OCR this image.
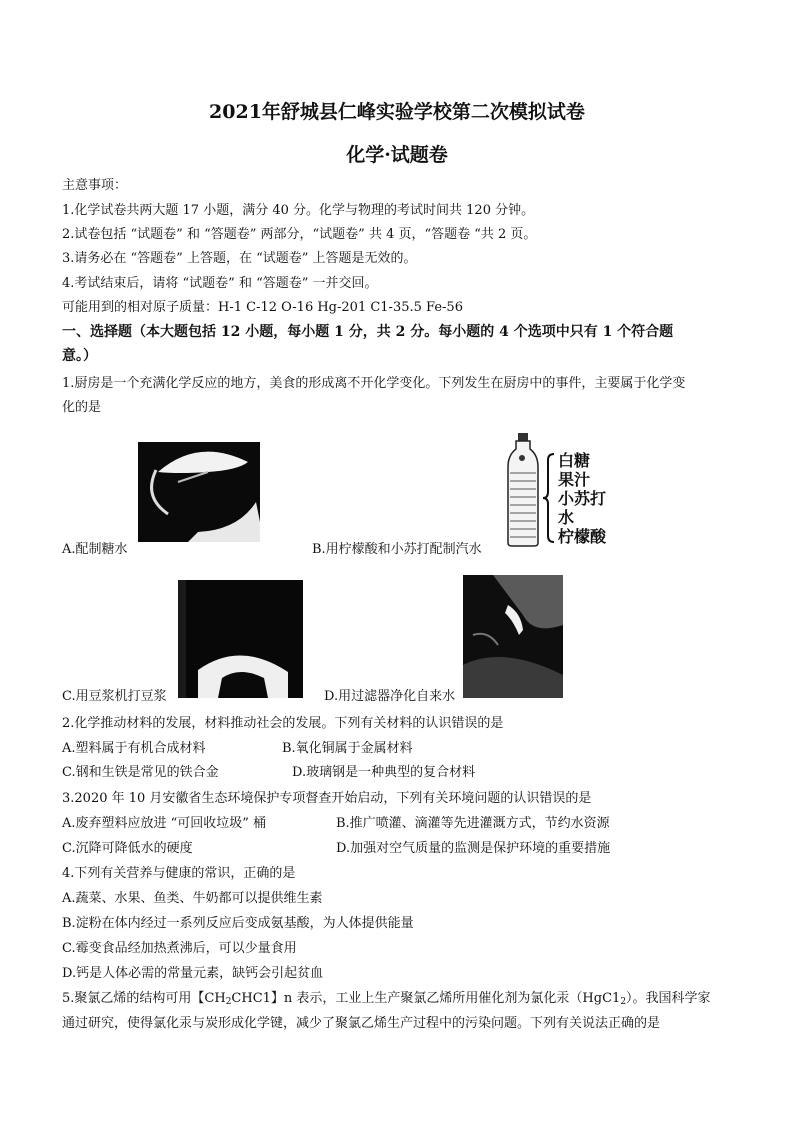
2021年舒城县仁峰实验学校第二次模拟试卷
化学·试题卷
主意事项：
1.化学试卷共两大题 17 小题，满分 40 分。化学与物理的考试时间共 120 分钟。
2.试卷包括 “试题卷” 和 “答题卷” 两部分，“试题卷” 共 4 页，“答题卷 “共 2 页。
3.请务必在 “答题卷” 上答题，在 “试题卷” 上答题是无效的。
4.考试结束后，请将 “试题卷” 和 “答题卷” 一并交回。
可能用到的相对原子质量：H-1 C-12 O-16 Hg-201 C1-35.5 Fe-56
一、选择题（本大题包括 12 小题，每小题 1 分，共 2 分。每小题的 4 个选项中只有 1 个符合题
意。）
1.厨房是一个充满化学反应的地方，美食的形成离不开化学变化。下列发生在厨房中的事件，主要属于化学变
化的是
A.配制糖水
白糖
果汁
小苏打
水
柠檬酸
B.用柠檬酸和小苏打配制汽水
C.用豆浆机打豆浆	D.用过滤器净化自来水
2.化学推动材料的发展，材料推动社会的发展。下列有关材料的认识错误的是
A.塑料属于有机合成材料	B.氧化铜属于金属材料
C.钢和生铁是常见的铁合金	D.玻璃钢是一种典型的复合材料
3.2020 年 10 月安徽省生态环境保护专项督查开始启动，下列有关环境问题的认识错误的是
A.废弃塑料应放进 “可回收垃圾” 桶	B.推广喷灌、滴灌等先进灌溉方式，节约水资源
C.沉降可降低水的硬度	D.加强对空气质量的监测是保护环境的重要措施
4.下列有关营养与健康的常识，正确的是
A.蔬菜、水果、鱼类、牛奶都可以提供维生素
B.淀粉在体内经过一系列反应后变成氨基酸，为人体提供能量
C.霉变食品经加热煮沸后，可以少量食用
D.钙是人体必需的常量元素，缺钙会引起贫血
5.聚氯乙烯的结构可用【$CH_2CHC1$】n 表示，工业上生产聚氯乙烯所用催化剂为氯化汞$(HgC1_2)$。我国科学家
通过研究，使得氯化汞与炭形成化学键，减少了聚氯乙烯生产过程中的污染问题。下列有关说法正确的是
